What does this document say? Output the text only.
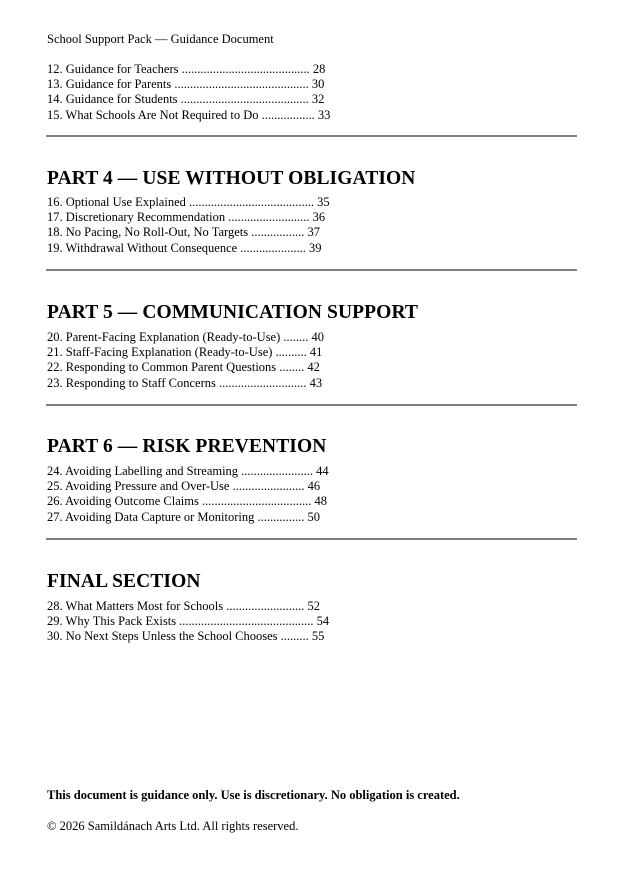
School Support Pack — Guidance Document
12. Guidance for Teachers ......................................... 28
13. Guidance for Parents ........................................... 30
14. Guidance for Students ......................................... 32
15. What Schools Are Not Required to Do ................. 33
PART 4 — USE WITHOUT OBLIGATION
16. Optional Use Explained ........................................ 35
17. Discretionary Recommendation .......................... 36
18. No Pacing, No Roll-Out, No Targets ................. 37
19. Withdrawal Without Consequence ..................... 39
PART 5 — COMMUNICATION SUPPORT
20. Parent-Facing Explanation (Ready-to-Use) ........ 40
21. Staff-Facing Explanation (Ready-to-Use) .......... 41
22. Responding to Common Parent Questions ........ 42
23. Responding to Staff Concerns ............................ 43
PART 6 — RISK PREVENTION
24. Avoiding Labelling and Streaming ....................... 44
25. Avoiding Pressure and Over-Use ....................... 46
26. Avoiding Outcome Claims ................................... 48
27. Avoiding Data Capture or Monitoring ............... 50
FINAL SECTION
28. What Matters Most for Schools ......................... 52
29. Why This Pack Exists ........................................... 54
30. No Next Steps Unless the School Chooses ......... 55
This document is guidance only. Use is discretionary. No obligation is created.
© 2026 Samildánach Arts Ltd. All rights reserved.
